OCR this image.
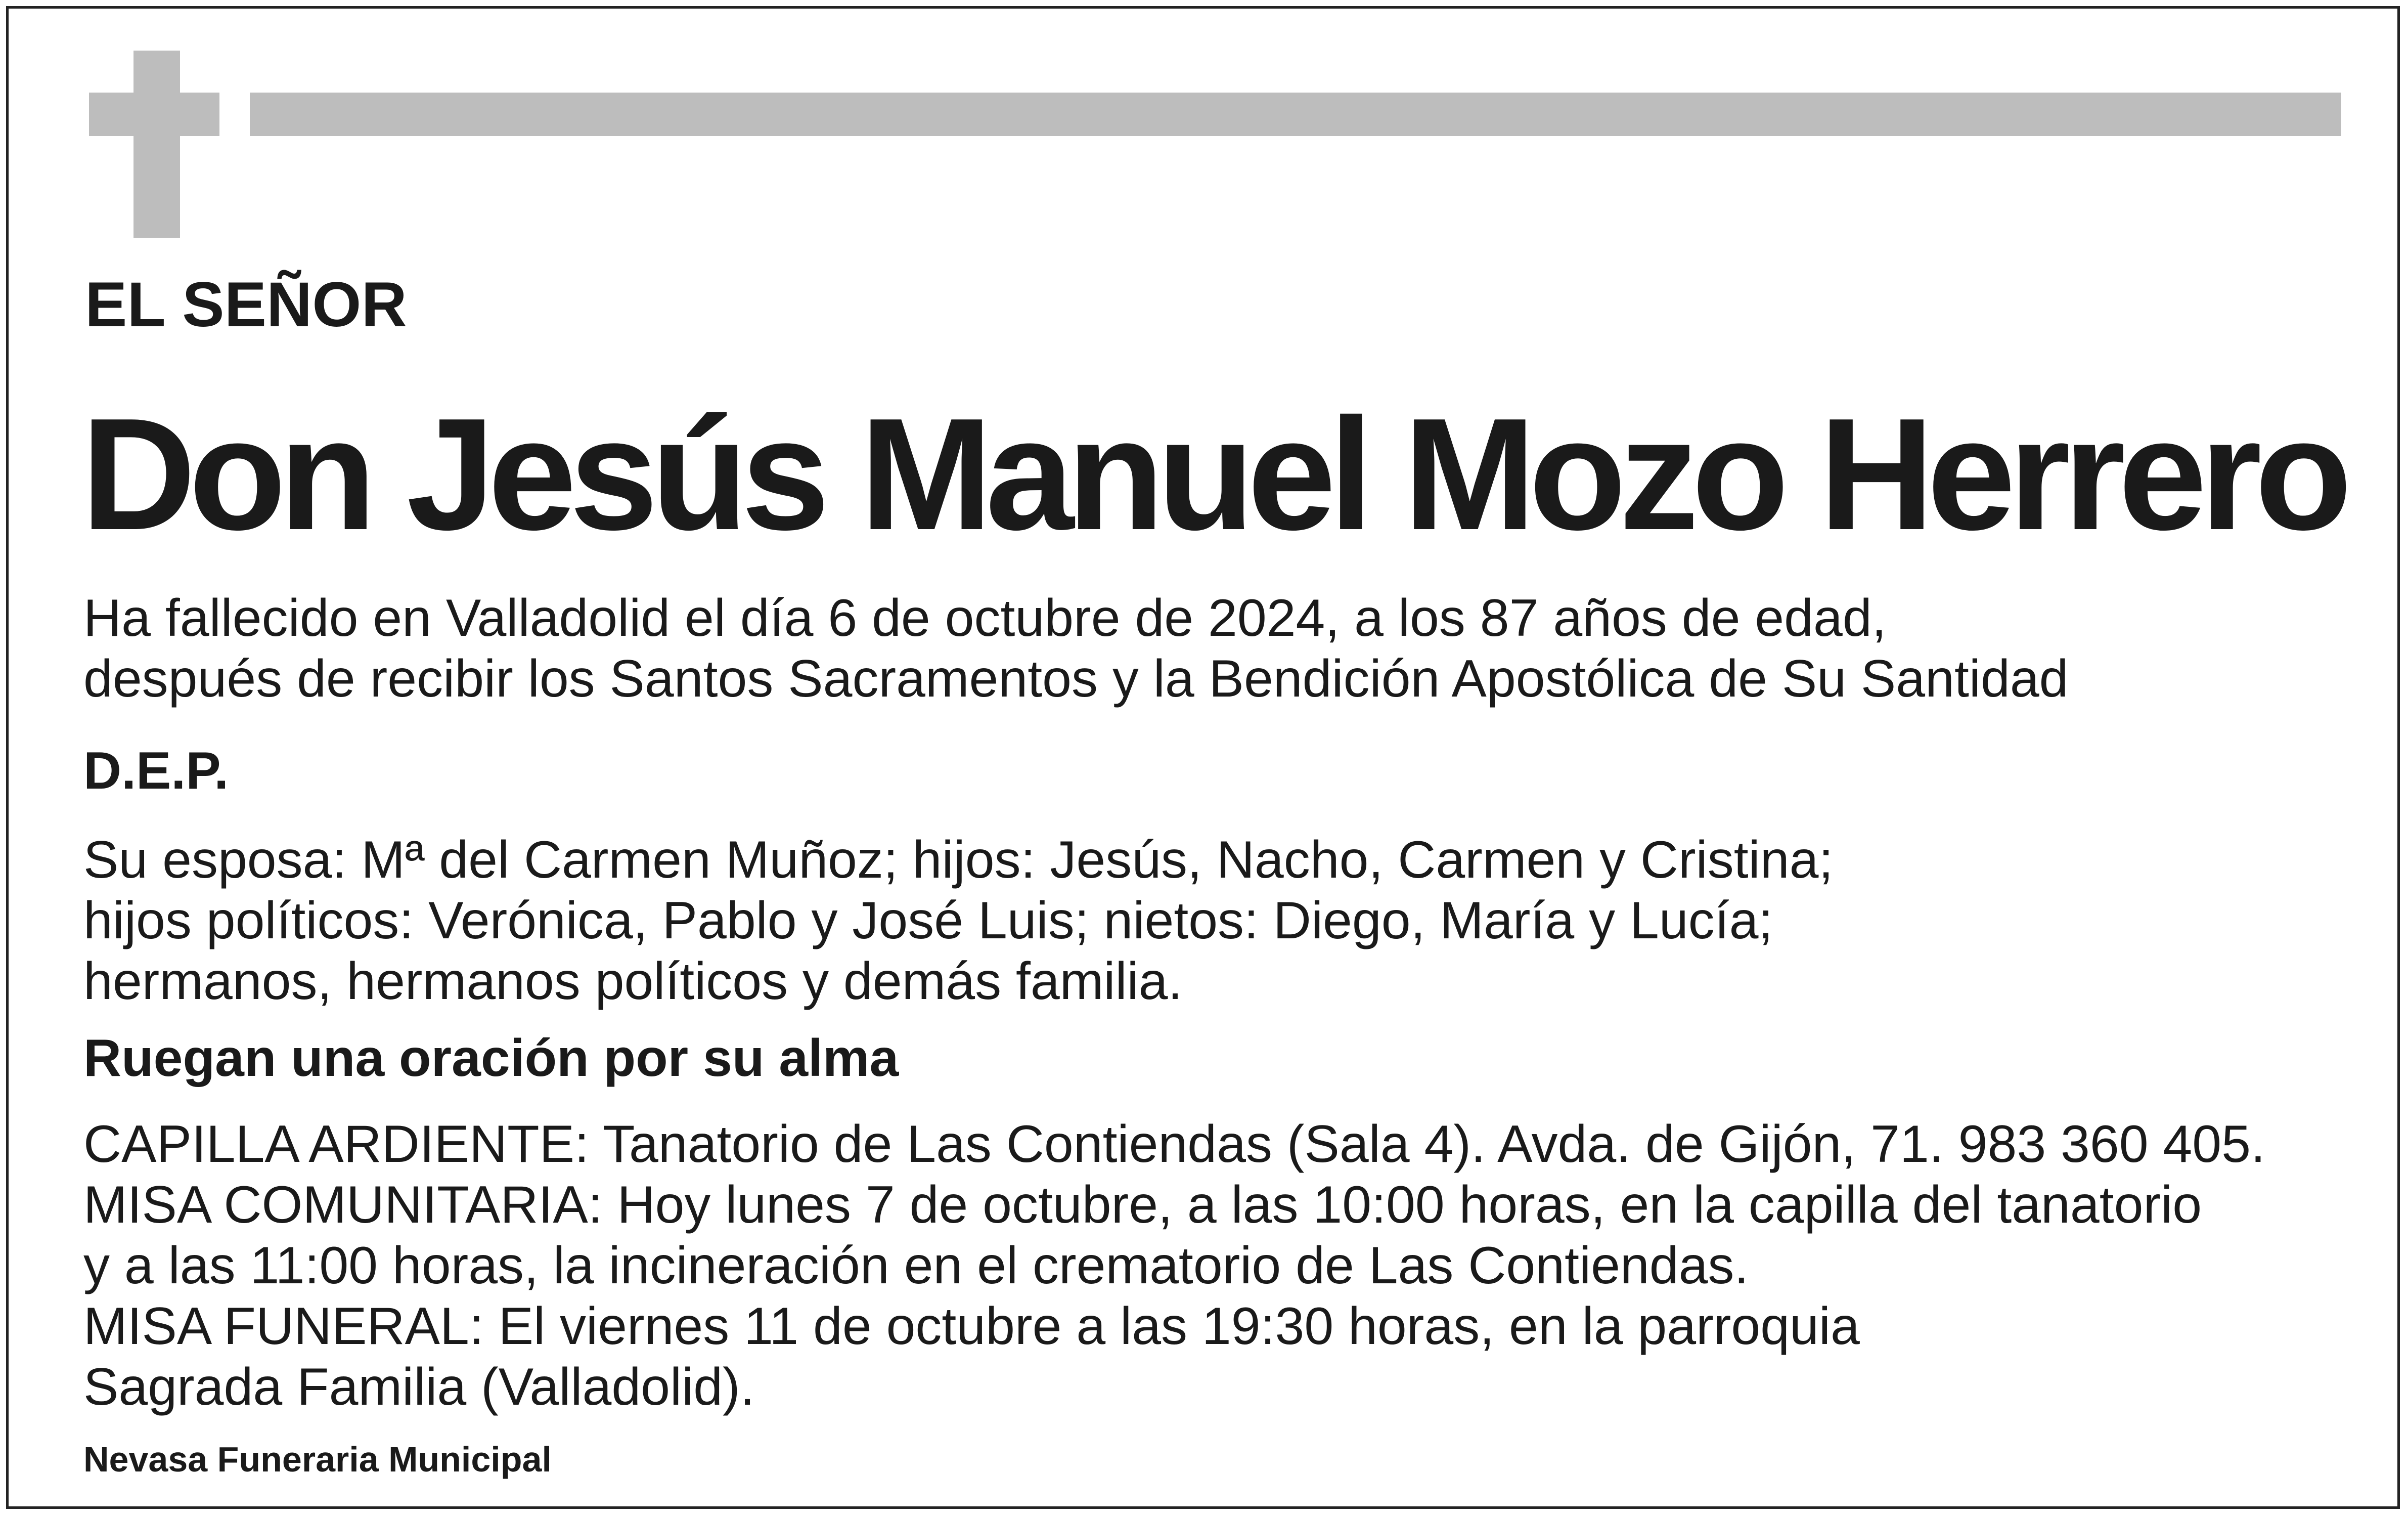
EL SEÑOR
Don Jesús Manuel Mozo Herrero
Ha fallecido en Valladolid el día 6 de octubre de 2024, a los 87 años de edad,
después de recibir los Santos Sacramentos y la Bendición Apostólica de Su Santidad
D.E.P.
Su esposa: Mª del Carmen Muñoz; hijos: Jesús, Nacho, Carmen y Cristina;
hijos políticos: Verónica, Pablo y José Luis; nietos: Diego, María y Lucía;
hermanos, hermanos políticos y demás familia.
Ruegan una oración por su alma
CAPILLA ARDIENTE: Tanatorio de Las Contiendas (Sala 4). Avda. de Gijón, 71. 983 360 405.
MISA COMUNITARIA: Hoy lunes 7 de octubre, a las 10:00 horas, en la capilla del tanatorio
y a las 11:00 horas, la incineración en el crematorio de Las Contiendas.
MISA FUNERAL: El viernes 11 de octubre a las 19:30 horas, en la parroquia
Sagrada Familia (Valladolid).
Nevasa Funeraria Municipal
